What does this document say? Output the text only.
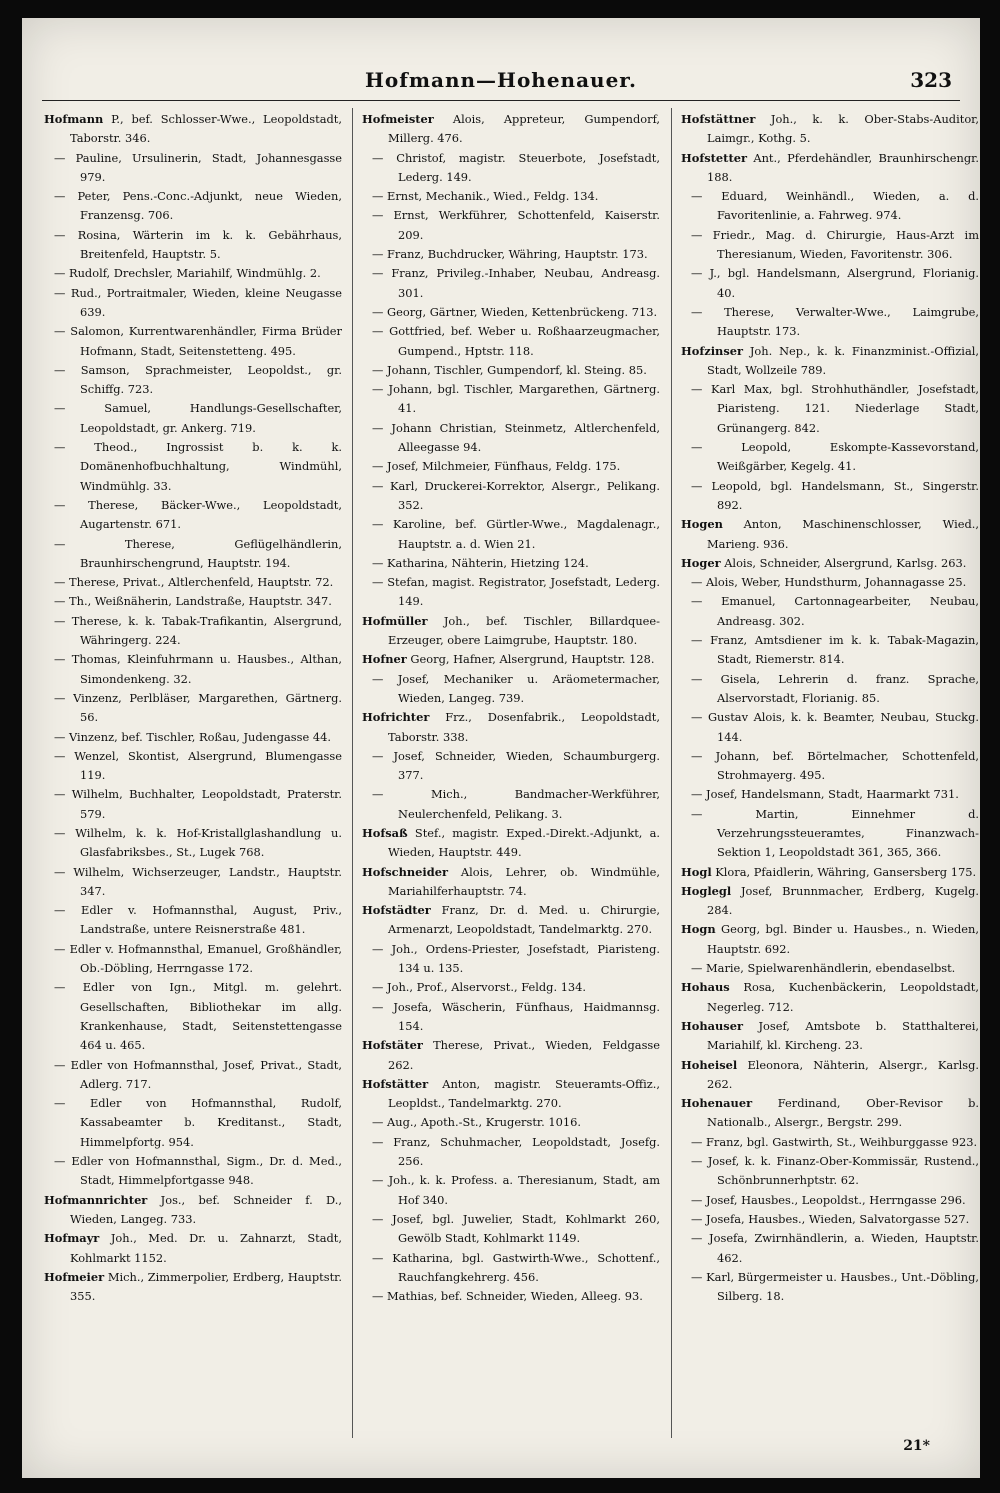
Hofmann—Hohenauer.	323
Hofmann P., bef. Schlosser-Wwe., Leopoldstadt, Taborstr. 346.
— Pauline, Ursulinerin, Stadt, Johannesgasse 979.
— Peter, Pens.-Conc.-Adjunkt, neue Wieden, Franzensg. 706.
— Rosina, Wärterin im k. k. Gebährhaus, Breitenfeld, Hauptstr. 5.
— Rudolf, Drechsler, Mariahilf, Windmühlg. 2.
— Rud., Portraitmaler, Wieden, kleine Neugasse 639.
— Salomon, Kurrentwarenhändler, Firma Brüder Hofmann, Stadt, Seitenstetteng. 495.
— Samson, Sprachmeister, Leopoldst., gr. Schiffg. 723.
— Samuel, Handlungs-Gesellschafter, Leopoldstadt, gr. Ankerg. 719.
— Theod., Ingrossist b. k. k. Domänenhofbuchhaltung, Windmühl, Windmühlg. 33.
— Therese, Bäcker-Wwe., Leopoldstadt, Augartenstr. 671.
— Therese, Geflügelhändlerin, Braunhirschengrund, Hauptstr. 194.
— Therese, Privat., Altlerchenfeld, Hauptstr. 72.
— Th., Weißnäherin, Landstraße, Hauptstr. 347.
— Therese, k. k. Tabak-Trafikantin, Alsergrund, Währingerg. 224.
— Thomas, Kleinfuhrmann u. Hausbes., Althan, Simondenkeng. 32.
— Vinzenz, Perlbläser, Margarethen, Gärtnerg. 56.
— Vinzenz, bef. Tischler, Roßau, Judengasse 44.
— Wenzel, Skontist, Alsergrund, Blumengasse 119.
— Wilhelm, Buchhalter, Leopoldstadt, Praterstr. 579.
— Wilhelm, k. k. Hof-Kristallglashandlung u. Glasfabriksbes., St., Lugek 768.
— Wilhelm, Wichserzeuger, Landstr., Hauptstr. 347.
— Edler v. Hofmannsthal, August, Priv., Landstraße, untere Reisnerstraße 481.
— Edler v. Hofmannsthal, Emanuel, Großhändler, Ob.-Döbling, Herrngasse 172.
— Edler von Ign., Mitgl. m. gelehrt. Gesellschaften, Bibliothekar im allg. Krankenhause, Stadt, Seitenstettengasse 464 u. 465.
— Edler von Hofmannsthal, Josef, Privat., Stadt, Adlerg. 717.
— Edler von Hofmannsthal, Rudolf, Kassabeamter b. Kreditanst., Stadt, Himmelpfortg. 954.
— Edler von Hofmannsthal, Sigm., Dr. d. Med., Stadt, Himmelpfortgasse 948.
Hofmannrichter Jos., bef. Schneider f. D., Wieden, Langeg. 733.
Hofmayr Joh., Med. Dr. u. Zahnarzt, Stadt, Kohlmarkt 1152.
Hofmeier Mich., Zimmerpolier, Erdberg, Hauptstr. 355.
Hofmeister Alois, Appreteur, Gumpendorf, Millerg. 476.
— Christof, magistr. Steuerbote, Josefstadt, Lederg. 149.
— Ernst, Mechanik., Wied., Feldg. 134.
— Ernst, Werkführer, Schottenfeld, Kaiserstr. 209.
— Franz, Buchdrucker, Währing, Hauptstr. 173.
— Franz, Privileg.-Inhaber, Neubau, Andreasg. 301.
— Georg, Gärtner, Wieden, Kettenbrückeng. 713.
— Gottfried, bef. Weber u. Roßhaarzeugmacher, Gumpend., Hptstr. 118.
— Johann, Tischler, Gumpendorf, kl. Steing. 85.
— Johann, bgl. Tischler, Margarethen, Gärtnerg. 41.
— Johann Christian, Steinmetz, Altlerchenfeld, Alleegasse 94.
— Josef, Milchmeier, Fünfhaus, Feldg. 175.
— Karl, Druckerei-Korrektor, Alsergr., Pelikang. 352.
— Karoline, bef. Gürtler-Wwe., Magdalenagr., Hauptstr. a. d. Wien 21.
— Katharina, Nähterin, Hietzing 124.
— Stefan, magist. Registrator, Josefstadt, Lederg. 149.
Hofmüller Joh., bef. Tischler, Billardquee-Erzeuger, obere Laimgrube, Hauptstr. 180.
Hofner Georg, Hafner, Alsergrund, Hauptstr. 128.
— Josef, Mechaniker u. Aräometermacher, Wieden, Langeg. 739.
Hofrichter Frz., Dosenfabrik., Leopoldstadt, Taborstr. 338.
— Josef, Schneider, Wieden, Schaumburgerg. 377.
— Mich., Bandmacher-Werkführer, Neulerchenfeld, Pelikang. 3.
Hofsaß Stef., magistr. Exped.-Direkt.-Adjunkt, a. Wieden, Hauptstr. 449.
Hofschneider Alois, Lehrer, ob. Windmühle, Mariahilferhauptstr. 74.
Hofstädter Franz, Dr. d. Med. u. Chirurgie, Armenarzt, Leopoldstadt, Tandelmarktg. 270.
— Joh., Ordens-Priester, Josefstadt, Piaristeng. 134 u. 135.
— Joh., Prof., Alservorst., Feldg. 134.
— Josefa, Wäscherin, Fünfhaus, Haidmannsg. 154.
Hofstäter Therese, Privat., Wieden, Feldgasse 262.
Hofstätter Anton, magistr. Steueramts-Offiz., Leopldst., Tandelmarktg. 270.
— Aug., Apoth.-St., Krugerstr. 1016.
— Franz, Schuhmacher, Leopoldstadt, Josefg. 256.
— Joh., k. k. Profess. a. Theresianum, Stadt, am Hof 340.
— Josef, bgl. Juwelier, Stadt, Kohlmarkt 260, Gewölb Stadt, Kohlmarkt 1149.
— Katharina, bgl. Gastwirth-Wwe., Schottenf., Rauchfangkehrerg. 456.
— Mathias, bef. Schneider, Wieden, Alleeg. 93.
Hofstättner Joh., k. k. Ober-Stabs-Auditor, Laimgr., Kothg. 5.
Hofstetter Ant., Pferdehändler, Braunhirschengr. 188.
— Eduard, Weinhändl., Wieden, a. d. Favoritenlinie, a. Fahrweg. 974.
— Friedr., Mag. d. Chirurgie, Haus-Arzt im Theresianum, Wieden, Favoritenstr. 306.
— J., bgl. Handelsmann, Alsergrund, Florianig. 40.
— Therese, Verwalter-Wwe., Laimgrube, Hauptstr. 173.
Hofzinser Joh. Nep., k. k. Finanzminist.-Offizial, Stadt, Wollzeile 789.
— Karl Max, bgl. Strohhuthändler, Josefstadt, Piaristeng. 121. Niederlage Stadt, Grünangerg. 842.
— Leopold, Eskompte-Kassevorstand, Weißgärber, Kegelg. 41.
— Leopold, bgl. Handelsmann, St., Singerstr. 892.
Hogen Anton, Maschinenschlosser, Wied., Marieng. 936.
Hoger Alois, Schneider, Alsergrund, Karlsg. 263.
— Alois, Weber, Hundsthurm, Johannagasse 25.
— Emanuel, Cartonnagearbeiter, Neubau, Andreasg. 302.
— Franz, Amtsdiener im k. k. Tabak-Magazin, Stadt, Riemerstr. 814.
— Gisela, Lehrerin d. franz. Sprache, Alservorstadt, Florianig. 85.
— Gustav Alois, k. k. Beamter, Neubau, Stuckg. 144.
— Johann, bef. Börtelmacher, Schottenfeld, Strohmayerg. 495.
— Josef, Handelsmann, Stadt, Haarmarkt 731.
— Martin, Einnehmer d. Verzehrungssteueramtes, Finanzwach-Sektion 1, Leopoldstadt 361, 365, 366.
Hogl Klora, Pfaidlerin, Währing, Gansersberg 175.
Hoglegl Josef, Brunnmacher, Erdberg, Kugelg. 284.
Hogn Georg, bgl. Binder u. Hausbes., n. Wieden, Hauptstr. 692.
— Marie, Spielwarenhändlerin, ebendaselbst.
Hohaus Rosa, Kuchenbäckerin, Leopoldstadt, Negerleg. 712.
Hohauser Josef, Amtsbote b. Statthalterei, Mariahilf, kl. Kircheng. 23.
Hoheisel Eleonora, Nähterin, Alsergr., Karlsg. 262.
Hohenauer Ferdinand, Ober-Revisor b. Nationalb., Alsergr., Bergstr. 299.
— Franz, bgl. Gastwirth, St., Weihburggasse 923.
— Josef, k. k. Finanz-Ober-Kommissär, Rustend., Schönbrunnerhptstr. 62.
— Josef, Hausbes., Leopoldst., Herrngasse 296.
— Josefa, Hausbes., Wieden, Salvatorgasse 527.
— Josefa, Zwirnhändlerin, a. Wieden, Hauptstr. 462.
— Karl, Bürgermeister u. Hausbes., Unt.-Döbling, Silberg. 18.
21*
